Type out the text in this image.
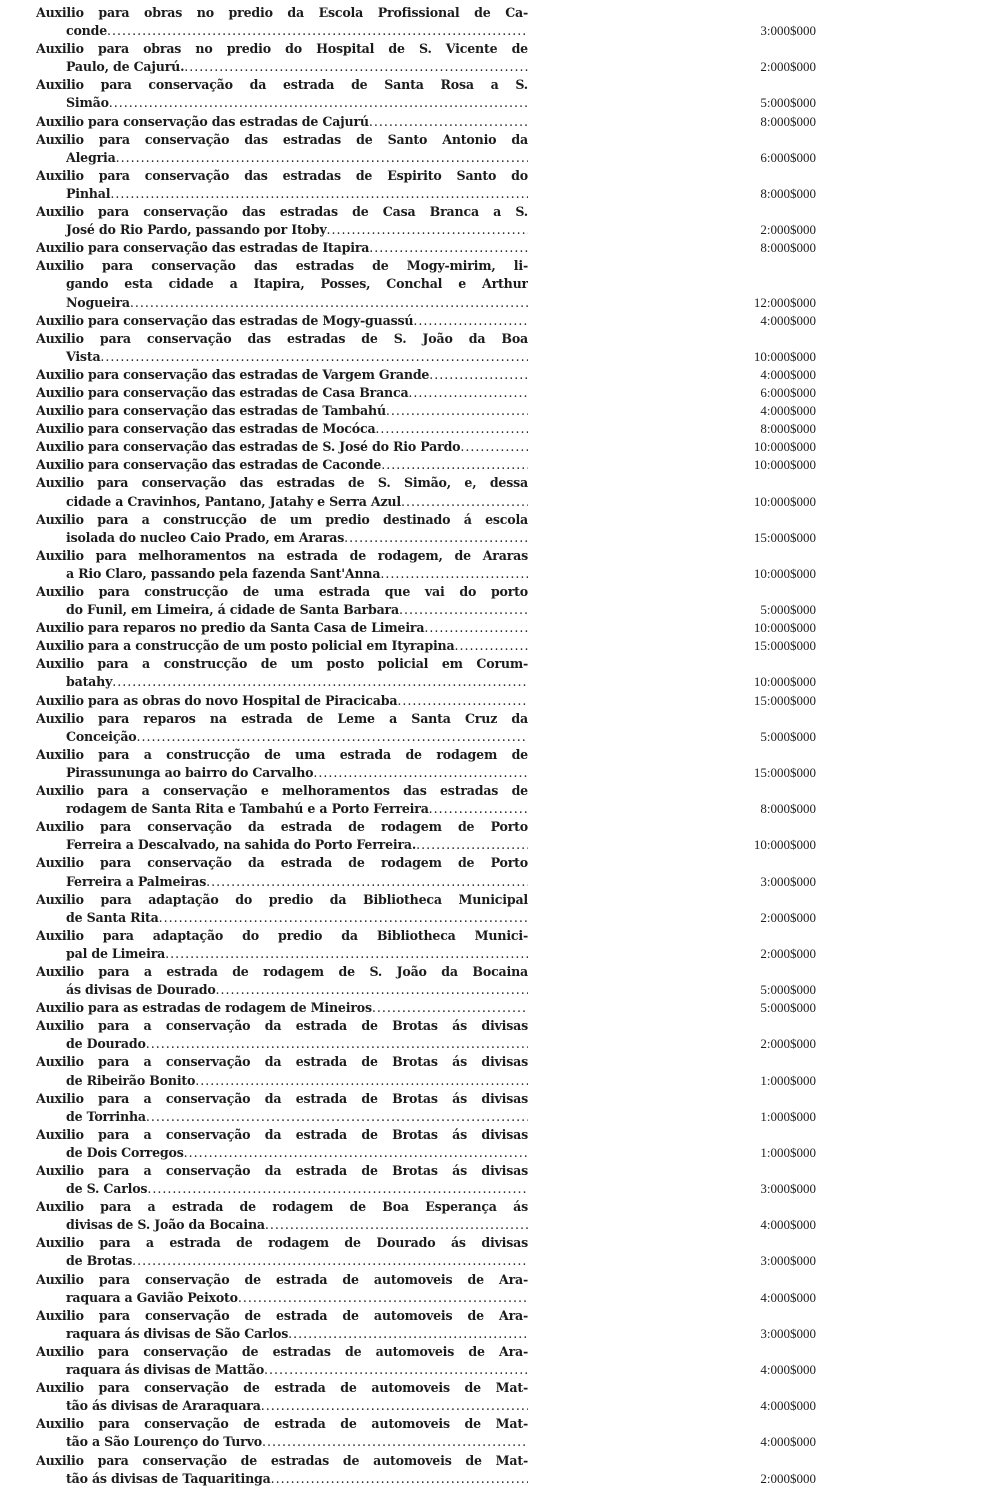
Auxilio para obras no predio da Escola Profissional de Ca-
conde .....	3:000$000
Auxilio para obras no predio do Hospital de S. Vicente de
Paulo, de Cajurú. .....	2:000$000
Auxilio para conservação da estrada de Santa Rosa a S.
Simão .....	5:000$000
Auxilio para conservação das estradas de Cajurú .....	8:000$000
Auxilio para conservação das estradas de Santo Antonio da
Alegria .....	6:000$000
Auxilio para conservação das estradas de Espirito Santo do
Pinhal .....	8:000$000
Auxilio para conservação das estradas de Casa Branca a S.
José do Rio Pardo, passando por Itoby .....	2:000$000
Auxilio para conservação das estradas de Itapira .....	8:000$000
Auxilio para conservação das estradas de Mogy-mirim, li-
gando esta cidade a Itapira, Posses, Conchal e Arthur
Nogueira .....	12:000$000
Auxilio para conservação das estradas de Mogy-guassú .....	4:000$000
Auxilio para conservação das estradas de S. João da Boa
Vista .....	10:000$000
Auxilio para conservação das estradas de Vargem Grande .....	4:000$000
Auxilio para conservação das estradas de Casa Branca .....	6:000$000
Auxilio para conservação das estradas de Tambahú .....	4:000$000
Auxilio para conservação das estradas de Mocóca .....	8:000$000
Auxilio para conservação das estradas de S. José do Rio Pardo .....	10:000$000
Auxilio para conservação das estradas de Caconde .....	10:000$000
Auxilio para conservação das estradas de S. Simão, e, dessa
cidade a Cravinhos, Pantano, Jatahy e Serra Azul .....	10:000$000
Auxilio para a construcção de um predio destinado á escola
isolada do nucleo Caio Prado, em Araras .....	15:000$000
Auxilio para melhoramentos na estrada de rodagem, de Araras
a Rio Claro, passando pela fazenda Sant'Anna .....	10:000$000
Auxilio para construcção de uma estrada que vai do porto
do Funil, em Limeira, á cidade de Santa Barbara .....	5:000$000
Auxilio para reparos no predio da Santa Casa de Limeira .....	10:000$000
Auxilio para a construcção de um posto policial em Ityrapina .....	15:000$000
Auxilio para a construcção de um posto policial em Corum-
batahy .....	10:000$000
Auxilio para as obras do novo Hospital de Piracicaba .....	15:000$000
Auxilio para reparos na estrada de Leme a Santa Cruz da
Conceição .....	5:000$000
Auxilio para a construcção de uma estrada de rodagem de
Pirassununga ao bairro do Carvalho .....	15:000$000
Auxilio para a conservação e melhoramentos das estradas de
rodagem de Santa Rita e Tambahú e a Porto Ferreira .....	8:000$000
Auxilio para conservação da estrada de rodagem de Porto
Ferreira a Descalvado, na sahida do Porto Ferreira. .....	10:000$000
Auxilio para conservação da estrada de rodagem de Porto
Ferreira a Palmeiras .....	3:000$000
Auxilio para adaptação do predio da Bibliotheca Municipal
de Santa Rita .....	2:000$000
Auxilio para adaptação do predio da Bibliotheca Munici-
pal de Limeira .....	2:000$000
Auxilio para a estrada de rodagem de S. João da Bocaina
ás divisas de Dourado .....	5:000$000
Auxilio para as estradas de rodagem de Mineiros .....	5:000$000
Auxilio para a conservação da estrada de Brotas ás divisas
de Dourado .....	2:000$000
Auxilio para a conservação da estrada de Brotas ás divisas
de Ribeirão Bonito .....	1:000$000
Auxilio para a conservação da estrada de Brotas ás divisas
de Torrinha .....	1:000$000
Auxilio para a conservação da estrada de Brotas ás divisas
de Dois Corregos .....	1:000$000
Auxilio para a conservação da estrada de Brotas ás divisas
de S. Carlos .....	3:000$000
Auxilio para a estrada de rodagem de Boa Esperança ás
divisas de S. João da Bocaina .....	4:000$000
Auxilio para a estrada de rodagem de Dourado ás divisas
de Brotas .....	3:000$000
Auxilio para conservação de estrada de automoveis de Ara-
raquara a Gavião Peixoto .....	4:000$000
Auxilio para conservação de estrada de automoveis de Ara-
raquara ás divisas de São Carlos .....	3:000$000
Auxilio para conservação de estradas de automoveis de Ara-
raquara ás divisas de Mattão .....	4:000$000
Auxilio para conservação de estrada de automoveis de Mat-
tão ás divisas de Araraquara .....	4:000$000
Auxilio para conservação de estrada de automoveis de Mat-
tão a São Lourenço do Turvo .....	4:000$000
Auxilio para conservação de estradas de automoveis de Mat-
tão ás divisas de Taquaritinga .....	2:000$000
